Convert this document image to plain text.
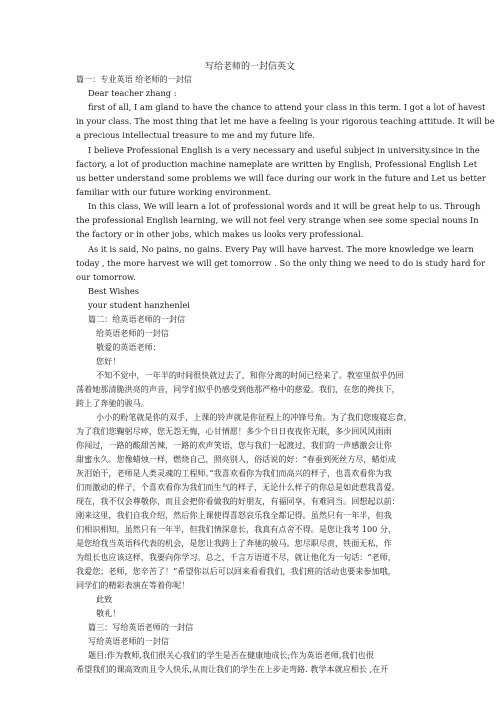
写给老师的一封信英文
篇一：专业英语 给老师的一封信
Dear teacher zhang :
first of all, I am gland to have the chance to attend your class in this term. I got a lot of havest
in your class. The most thing that let me have a feeling is your rigorous teaching attitude. It will be
a precious intellectual treasure to me and my future life.
I believe Professional English is a very necessary and useful subject in university.since in the
factory, a lot of production machine nameplate are written by English, Professional English Let
us better understand some problems we will face during our work in the future and Let us better
familiar with our future working environment.
In this class, We will learn a lot of professional words and it will be great help to us. Through
the professional English learning, we will not feel very strange when see some special nouns In
the factory or in other jobs, which makes us looks very professional.
As it is said, No pains, no gains. Every Pay will have harvest. The more knowledge we learn
today , the more harvest we will get tomorrow . So the only thing we need to do is study hard for
our tomorrow.
Best Wishes
your student hanzhenlei
篇二：给英语老师的一封信
给英语老师的一封信
敬爱的英语老师：
您好！
不知不觉中，一年半的时间很快就过去了，和你分离的时间已经来了。教室里似乎仍回
荡着她那清脆洪亮的声音，同学们似乎仍感受到他那严格中的慈爱。我们，在您的搀扶下，
跨上了奔驰的骏马。
小小的粉笔就是你的双手，上课的铃声就是你征程上的冲锋号角。为了我们您废寝忘食，
为了我们您鞠躬尽瘁，您无怨无悔，心甘情愿！多少个日日夜夜你无眠，多少回风风雨雨
你闯过，一路的酸甜苦辣，一路的欢声笑语，您与我们一起渡过，我们的一声感激会让你
甜蜜永久。您像蜡烛一样，燃烧自己，照亮别人，俗话说的好：“春蚕到死丝方尽，蜡炬成
灰泪始干，老师是人类灵魂的工程师。”我喜欢看你为我们而高兴的样子，也喜欢看你为我
们而激动的样子，个喜欢看你为我们而生气的样子，无论什么样子的你总是如此惹我喜爱。
现在，我不仅会尊敬你，而且会把你看做我的好朋友，有福同享，有难同当。回想起以前：
刚来这里，我们自我介绍，然后你上课使得喜怒哀乐我全都记得。虽然只有一年半，但我
们相识相知，虽然只有一年半，但我们情深意长，我真有点舍不得。是您让我考 100 分，
是您给我当英语科代表的机会，是您让我跨上了奔驰的骏马。您尽职尽责，铁面无私，作
为组长也应该这样，我要向你学习。总之，千言万语道不尽，就让他化为一句话：“老师，
我爱您；老师，您辛苦了！”希望你以后可以回来看看我们，我们班的活动也要来参加哦，
同学们的精彩表演在等着你呢！
此致
敬礼！
篇三：写给英语老师的一封信
写给英语老师的一封信
题目:作为教师,我们很关心我们的学生是否在健康地成长;作为英语老师,我们也很
希望我们的课高效而且令人快乐,从而让我们的学生在上步走弯路. 教学本就应相长 ,在开
